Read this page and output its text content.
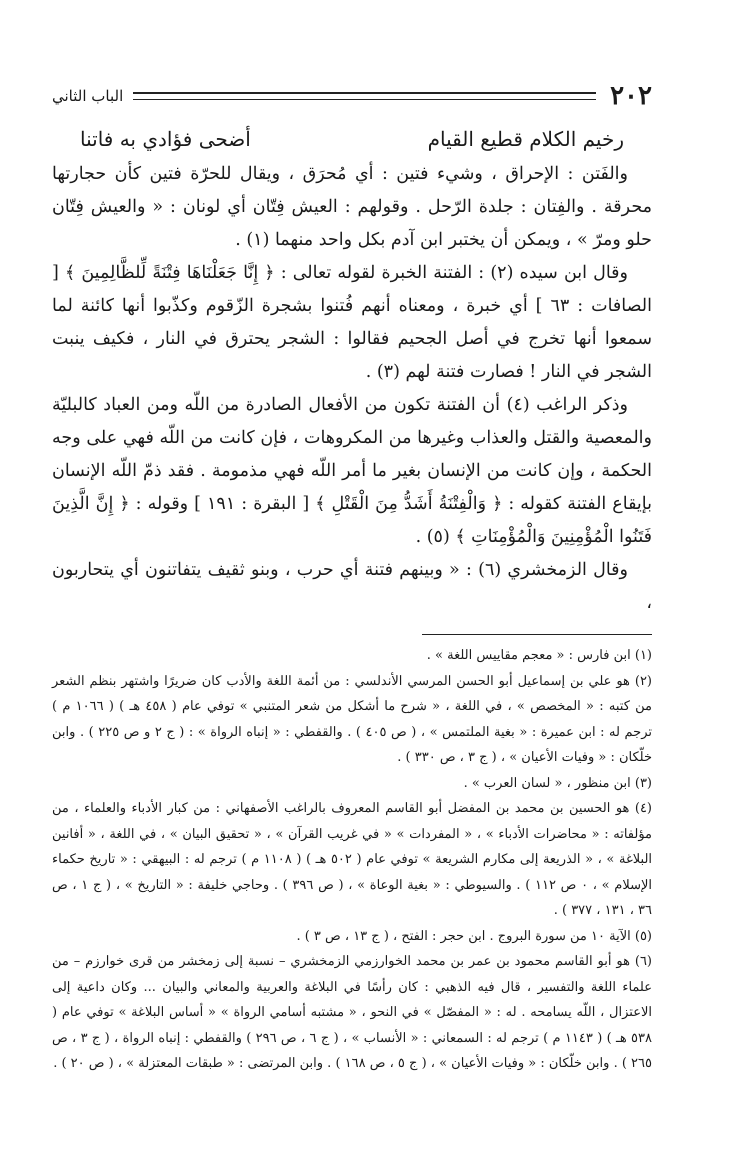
٢٠٢
الباب الثاني
رخيم الكلام قطيع القيام
أضحى فؤادي به فاتنا

والفَتن : الإحراق ، وشيء فتين : أي مُحرَق ، ويقال للحرّة فتين كأن حجارتها محرقة . والفِتان : جلدة الرّحل . وقولهم : العيش فِتّان أي لونان : « والعيش فِتّان حلو ومرّ » ، ويمكن أن يختبر ابن آدم بكل واحد منهما (١) .

وقال ابن سيده (٢) : الفتنة الخبرة لقوله تعالى : ﴿ إِنَّا جَعَلْنَاهَا فِتْنَةً لِّلظَّالِمِينَ ﴾ [ الصافات : ٦٣ ] أي خبرة ، ومعناه أنهم فُتنوا بشجرة الزّقوم وكذّبوا أنها كائنة لما سمعوا أنها تخرج في أصل الجحيم فقالوا : الشجر يحترق في النار ، فكيف ينبت الشجر في النار ! فصارت فتنة لهم (٣) .

وذكر الراغب (٤) أن الفتنة تكون من الأفعال الصادرة من اللّه ومن العباد كالبليّة والمعصية والقتل والعذاب وغيرها من المكروهات ، فإن كانت من اللّه فهي على وجه الحكمة ، وإن كانت من الإنسان بغير ما أمر اللّه فهي مذمومة . فقد ذمّ اللّه الإنسان بإيقاع الفتنة كقوله : ﴿ وَالْفِتْنَةُ أَشَدُّ مِنَ الْقَتْلِ ﴾ [ البقرة : ١٩١ ] وقوله : ﴿ إِنَّ الَّذِينَ فَتَنُوا الْمُؤْمِنِينَ وَالْمُؤْمِنَاتِ ﴾ (٥) .

وقال الزمخشري (٦) : « وبينهم فتنة أي حرب ، وبنو ثقيف يتفاتنون أي يتحاربون ،

(١) ابن فارس : « معجم مقاييس اللغة » .

(٢) هو علي بن إسماعيل أبو الحسن المرسي الأندلسي : من أئمة اللغة والأدب كان ضريرًا واشتهر بنظم الشعر من كتبه : « المخصص » ، في اللغة ، « شرح ما أشكل من شعر المتنبي » توفي عام ( ٤٥٨ هـ ) ( ١٠٦٦ م ) ترجم له : ابن عميرة : « بغية الملتمس » ، ( ص ٤٠٥ ) . والقفطي : « إنباه الرواة » : ( ج ٢ و ص ٢٢٥ ) . وابن خلّكان : « وفيات الأعيان » ، ( ج ٣ ، ص ٣٣٠ ) .

(٣) ابن منظور ، « لسان العرب » .

(٤) هو الحسين بن محمد بن المفضل أبو القاسم المعروف بالراغب الأصفهاني : من كبار الأدباء والعلماء ، من مؤلفاته : « محاضرات الأدباء » ، « المفردات » « في غريب القرآن » ، « تحقيق البيان » ، في اللغة ، « أفانين البلاغة » ، « الذريعة إلى مكارم الشريعة » توفي عام ( ٥٠٢ هـ ) ( ١١٠٨ م ) ترجم له : البيهقي : « تاريخ حكماء الإسلام » ، ٠ ص ١١٢ ) . والسيوطي : « بغية الوعاة » ، ( ص ٣٩٦ ) . وحاجي خليفة : « التاريخ » ، ( ج ١ ، ص ٣٦ ، ١٣١ ، ٣٧٧ ) .

(٥) الآية ١٠ من سورة البروج . ابن حجر : الفتح ، ( ج ١٣ ، ص ٣ ) .

(٦) هو أبو القاسم محمود بن عمر بن محمد الخوارزمي الزمخشري – نسبة إلى زمخشر من قرى خوارزم – من علماء اللغة والتفسير ، قال فيه الذهبي : كان رأسًا في البلاغة والعربية والمعاني والبيان ... وكان داعية إلى الاعتزال ، اللّه يسامحه . له : « المفصّل » في النحو ، « مشتبه أسامي الرواة » « أساس البلاغة » توفي عام ( ٥٣٨ هـ ) ( ١١٤٣ م ) ترجم له : السمعاني : « الأنساب » ، ( ج ٦ ، ص ٢٩٦ ) والقفطي : إنباه الرواة ، ( ج ٣ ، ص ٢٦٥ ) . وابن خلّكان : « وفيات الأعيان » ، ( ج ٥ ، ص ١٦٨ ) . وابن المرتضى : « طبقات المعتزلة » ، ( ص ٢٠ ) .
